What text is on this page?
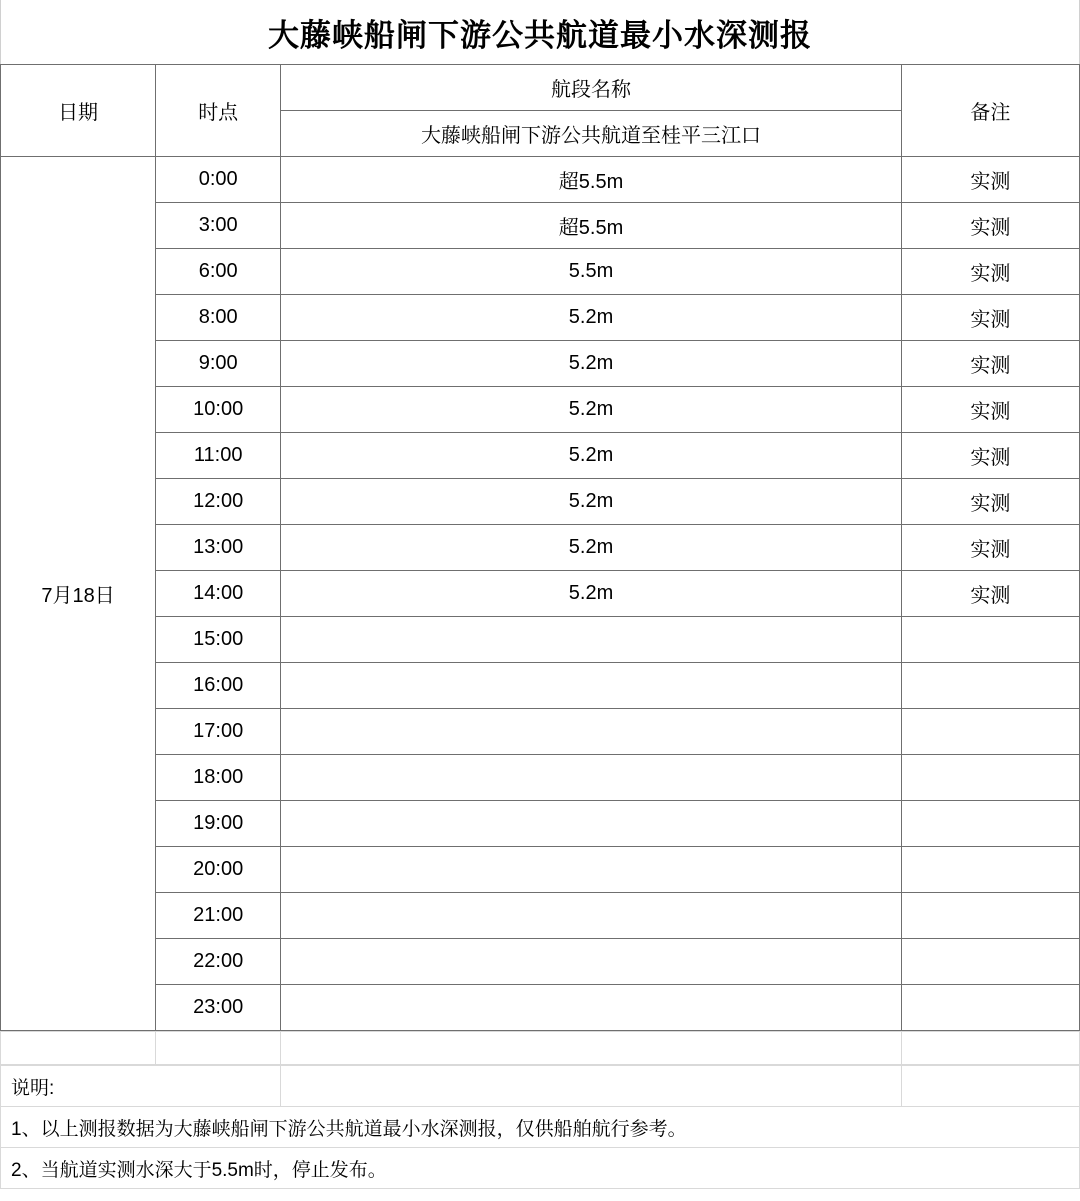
大藤峡船闸下游公共航道最小水深测报
日期	时点	航段名称	备注
		大藤峡船闸下游公共航道至桂平三江口	
7月18日	0:00	超5.5m	实测
	3:00	超5.5m	实测
	6:00	5.5m	实测
	8:00	5.2m	实测
	9:00	5.2m	实测
	10:00	5.2m	实测
	11:00	5.2m	实测
	12:00	5.2m	实测
	13:00	5.2m	实测
	14:00	5.2m	实测
	15:00		
	16:00		
	17:00		
	18:00		
	19:00		
	20:00		
	21:00		
	22:00		
	23:00		

说明:			
1、以上测报数据为大藤峡船闸下游公共航道最小水深测报，仅供船舶航行参考。			
2、当航道实测水深大于5.5m时，停止发布。			
